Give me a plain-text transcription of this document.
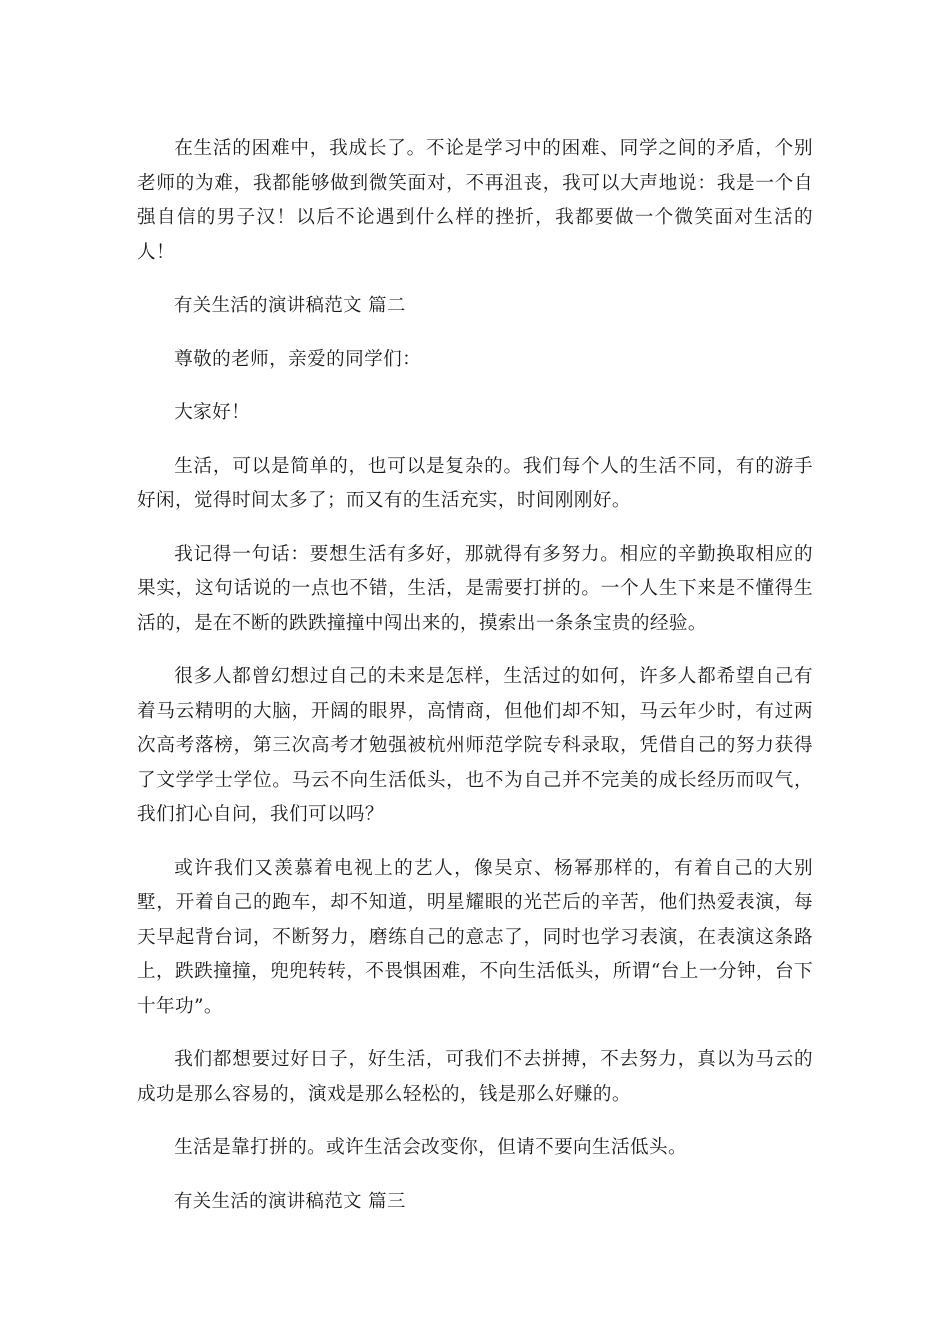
在生活的困难中，我成长了。不论是学习中的困难、同学之间的矛盾，个别老师的为难，我都能够做到微笑面对，不再沮丧，我可以大声地说：我是一个自强自信的男子汉！以后不论遇到什么样的挫折，我都要做一个微笑面对生活的人！

有关生活的演讲稿范文 篇二

尊敬的老师，亲爱的同学们：

大家好！

生活，可以是简单的，也可以是复杂的。我们每个人的生活不同，有的游手好闲，觉得时间太多了；而又有的生活充实，时间刚刚好。

我记得一句话：要想生活有多好，那就得有多努力。相应的辛勤换取相应的果实，这句话说的一点也不错，生活，是需要打拼的。一个人生下来是不懂得生活的，是在不断的跌跌撞撞中闯出来的，摸索出一条条宝贵的经验。

很多人都曾幻想过自己的未来是怎样，生活过的如何，许多人都希望自己有着马云精明的大脑，开阔的眼界，高情商，但他们却不知，马云年少时，有过两次高考落榜，第三次高考才勉强被杭州师范学院专科录取，凭借自己的努力获得了文学学士学位。马云不向生活低头，也不为自己并不完美的成长经历而叹气，我们扪心自问，我们可以吗？

或许我们又羡慕着电视上的艺人，像吴京、杨幂那样的，有着自己的大别墅，开着自己的跑车，却不知道，明星耀眼的光芒后的辛苦，他们热爱表演，每天早起背台词，不断努力，磨练自己的意志了，同时也学习表演，在表演这条路上，跌跌撞撞，兜兜转转，不畏惧困难，不向生活低头，所谓“台上一分钟，台下十年功”。

我们都想要过好日子，好生活，可我们不去拼搏，不去努力，真以为马云的成功是那么容易的，演戏是那么轻松的，钱是那么好赚的。

生活是靠打拼的。或许生活会改变你，但请不要向生活低头。

有关生活的演讲稿范文 篇三
